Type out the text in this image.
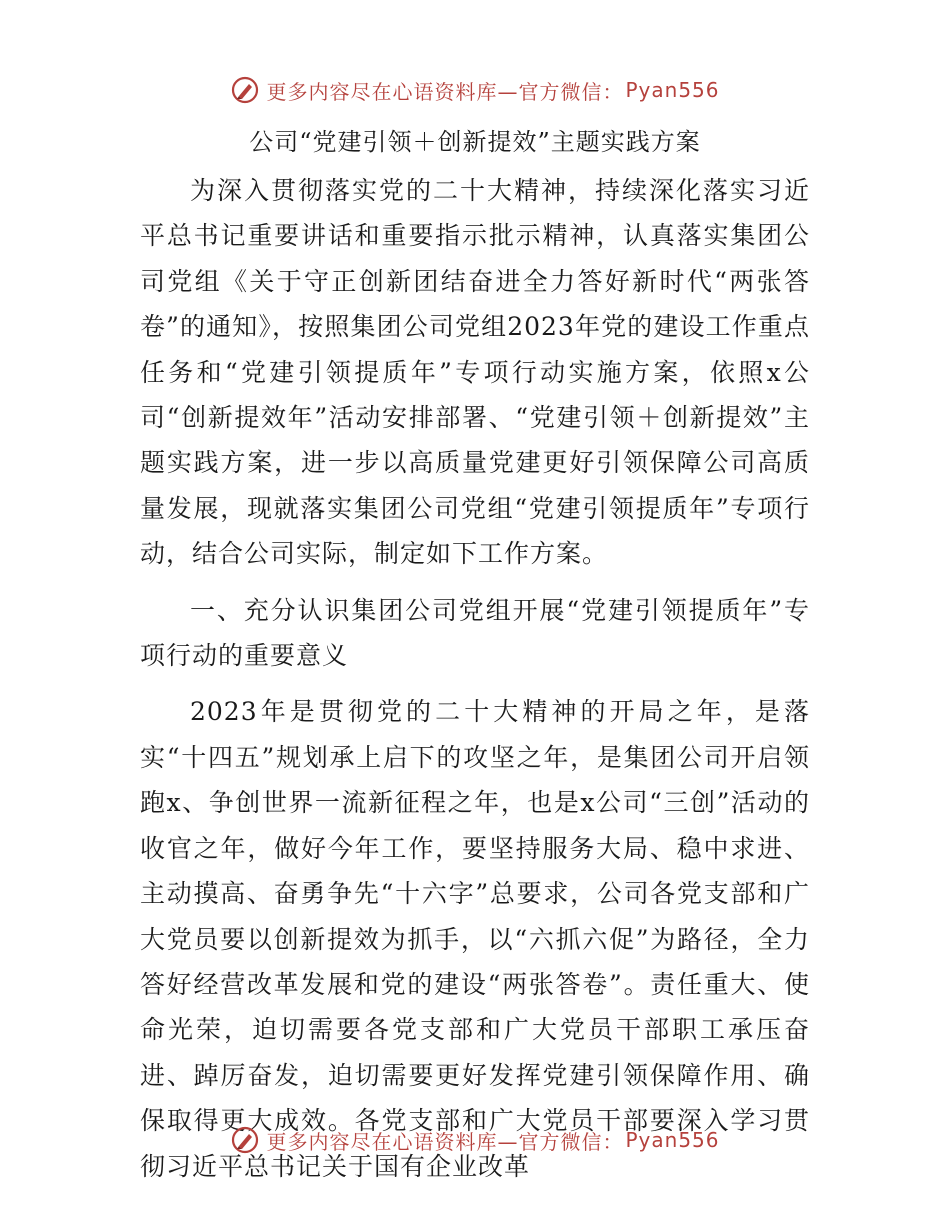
更多内容尽在心语资料库—官方微信： Pyan556
公司“党建引领＋创新提效”主题实践方案

为深入贯彻落实党的二十大精神，持续深化落实习近平总书记重要讲话和重要指示批示精神，认真落实集团公司党组《关于守正创新团结奋进全力答好新时代“两张答卷”的通知》，按照集团公司党组2023年党的建设工作重点任务和“党建引领提质年”专项行动实施方案，依照x公司“创新提效年”活动安排部署、“党建引领＋创新提效”主题实践方案，进一步以高质量党建更好引领保障公司高质量发展，现就落实集团公司党组“党建引领提质年”专项行动，结合公司实际，制定如下工作方案。

一、充分认识集团公司党组开展“党建引领提质年”专项行动的重要意义

2023年是贯彻党的二十大精神的开局之年，是落实“十四五”规划承上启下的攻坚之年，是集团公司开启领跑x、争创世界一流新征程之年，也是x公司“三创”活动的收官之年，做好今年工作，要坚持服务大局、稳中求进、主动摸高、奋勇争先“十六字”总要求，公司各党支部和广大党员要以创新提效为抓手，以“六抓六促”为路径，全力答好经营改革发展和党的建设“两张答卷”。责任重大、使命光荣，迫切需要各党支部和广大党员干部职工承压奋进、踔厉奋发，迫切需要更好发挥党建引领保障作用、确保取得更大成效。各党支部和广大党员干部要深入学习贯彻习近平总书记关于国有企业改革

更多内容尽在心语资料库—官方微信： Pyan556
